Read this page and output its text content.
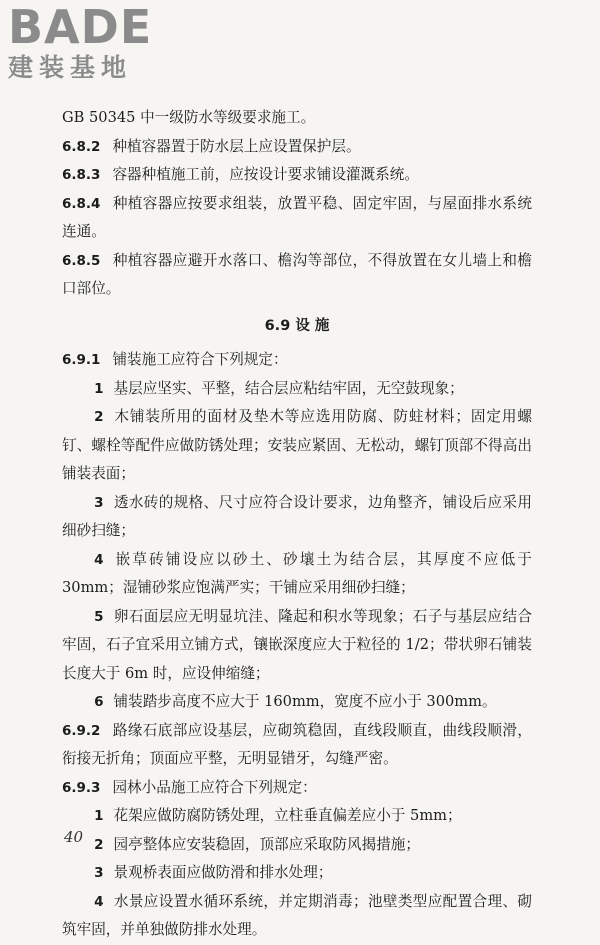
BADE
建装基地

GB 50345 中一级防水等级要求施工。

6.8.2 种植容器置于防水层上应设置保护层。

6.8.3 容器种植施工前，应按设计要求铺设灌溉系统。

6.8.4 种植容器应按要求组装，放置平稳、固定牢固，与屋面排水系统连通。

6.8.5 种植容器应避开水落口、檐沟等部位，不得放置在女儿墙上和檐口部位。

6.9 设 施

6.9.1 铺装施工应符合下列规定：

1 基层应坚实、平整，结合层应粘结牢固，无空鼓现象；

2 木铺装所用的面材及垫木等应选用防腐、防蛀材料；固定用螺钉、螺栓等配件应做防锈处理；安装应紧固、无松动，螺钉顶部不得高出铺装表面；

3 透水砖的规格、尺寸应符合设计要求，边角整齐，铺设后应采用细砂扫缝；

4 嵌草砖铺设应以砂土、砂壤土为结合层，其厚度不应低于 30mm；湿铺砂浆应饱满严实；干铺应采用细砂扫缝；

5 卵石面层应无明显坑洼、隆起和积水等现象；石子与基层应结合牢固，石子宜采用立铺方式，镶嵌深度应大于粒径的 1/2；带状卵石铺装长度大于 6m 时，应设伸缩缝；

6 铺装踏步高度不应大于 160mm，宽度不应小于 300mm。

6.9.2 路缘石底部应设基层，应砌筑稳固，直线段顺直，曲线段顺滑，衔接无折角；顶面应平整，无明显错牙，勾缝严密。

6.9.3 园林小品施工应符合下列规定：

1 花架应做防腐防锈处理，立柱垂直偏差应小于 5mm；

2 园亭整体应安装稳固，顶部应采取防风揭措施；

3 景观桥表面应做防滑和排水处理；

4 水景应设置水循环系统，并定期消毒；池壁类型应配置合理、砌筑牢固，并单独做防排水处理。

40
